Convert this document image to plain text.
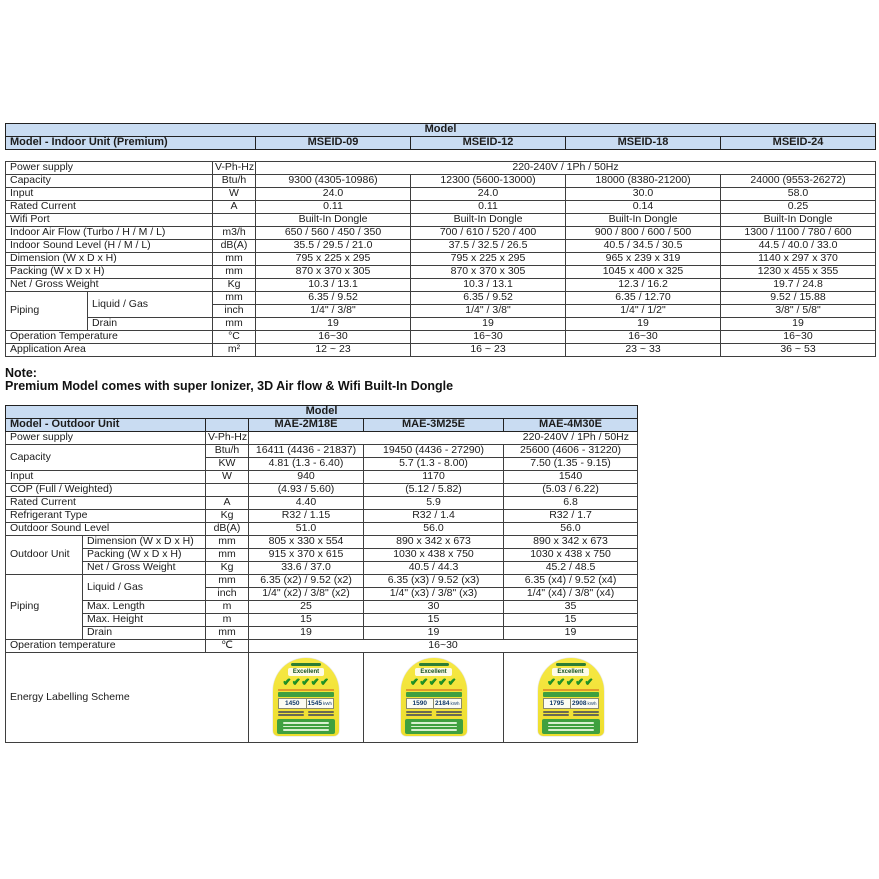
Model
Model - Indoor Unit (Premium)	MSEID-09	MSEID-12	MSEID-18	MSEID-24
Power supply		V-Ph-Hz	220-240V / 1Ph / 50Hz			
Capacity		Btu/h	9300 (4305-10986)	12300 (5600-13000)	18000 (8380-21200)	24000 (9553-26272)
Input		W	24.0	24.0	30.0	58.0
Rated Current		A	0.11	0.11	0.14	0.25
Wifi Port			Built-In Dongle	Built-In Dongle	Built-In Dongle	Built-In Dongle
Indoor Air Flow (Turbo / H / M / L)		m3/h	650 / 560 / 450 / 350	700 / 610 / 520 / 400	900 / 800 / 600 / 500	1300 / 1100 / 780 / 600
Indoor Sound Level (H / M / L)		dB(A)	35.5 / 29.5 / 21.0	37.5 / 32.5 / 26.5	40.5 / 34.5 / 30.5	44.5 / 40.0 / 33.0
Dimension (W x D x H)		mm	795 x 225 x 295	795 x 225 x 295	965 x 239 x 319	1140 x 297 x 370
Packing (W x D x H)		mm	870 x 370 x 305	870 x 370 x 305	1045 x 400 x 325	1230 x 455 x 355
Net / Gross Weight		Kg	10.3 / 13.1	10.3 / 13.1	12.3 / 16.2	19.7 / 24.8
Piping	Liquid / Gas	mm	6.35 / 9.52	6.35 / 9.52	6.35 / 12.70	9.52 / 15.88
		inch	1/4" / 3/8"	1/4" / 3/8"	1/4" / 1/2"	3/8" / 5/8"
	Drain	mm	19	19	19	19
Operation Temperature		°C	16~30	16~30	16~30	16~30
Application Area		m²	12 ~ 23	16 ~ 23	23 ~ 33	36 ~ 53
Note:
Premium Model comes with super Ionizer, 3D Air flow & Wifi Built-In Dongle
Model					
Model - Outdoor Unit			MAE-2M18E	MAE-3M25E	MAE-4M30E
Power supply		V-Ph-Hz	220-240V / 1Ph / 50Hz		
Capacity		Btu/h	16411 (4436 - 21837)	19450 (4436 - 27290)	25600 (4606 - 31220)
		KW	4.81 (1.3 - 6.40)	5.7 (1.3 - 8.00)	7.50 (1.35 - 9.15)
Input		W	940	1170	1540
COP (Full / Weighted)			(4.93 / 5.60)	(5.12 / 5.82)	(5.03 / 6.22)
Rated Current		A	4.40	5.9	6.8
Refrigerant Type		Kg	R32 / 1.15	R32 / 1.4	R32 / 1.7
Outdoor Sound Level		dB(A)	51.0	56.0	56.0
Outdoor Unit	Dimension (W x D x H)	mm	805 x 330 x 554	890 x 342 x 673	890 x 342 x 673
	Packing (W x D x H)	mm	915 x 370 x 615	1030 x 438 x 750	1030 x 438 x 750
	Net / Gross Weight	Kg	33.6 / 37.0	40.5 / 44.3	45.2 / 48.5
Piping	Liquid / Gas	mm	6.35 (x2) / 9.52 (x2)	6.35 (x3) / 9.52 (x3)	6.35 (x4) / 9.52 (x4)
		inch	1/4" (x2) / 3/8" (x2)	1/4" (x3) / 3/8" (x3)	1/4" (x4) / 3/8" (x4)
	Max. Length	m	25	30	35
	Max. Height	m	15	15	15
	Drain	mm	19	19	19
Operation temperature		℃	16~30		
Energy Labelling Scheme	
Excellent
✔✔✔✔✔
1450	1545 kWh

Excellent
✔✔✔✔✔
1590	2184 kWh

Excellent
✔✔✔✔✔
1795	2908 kWh
